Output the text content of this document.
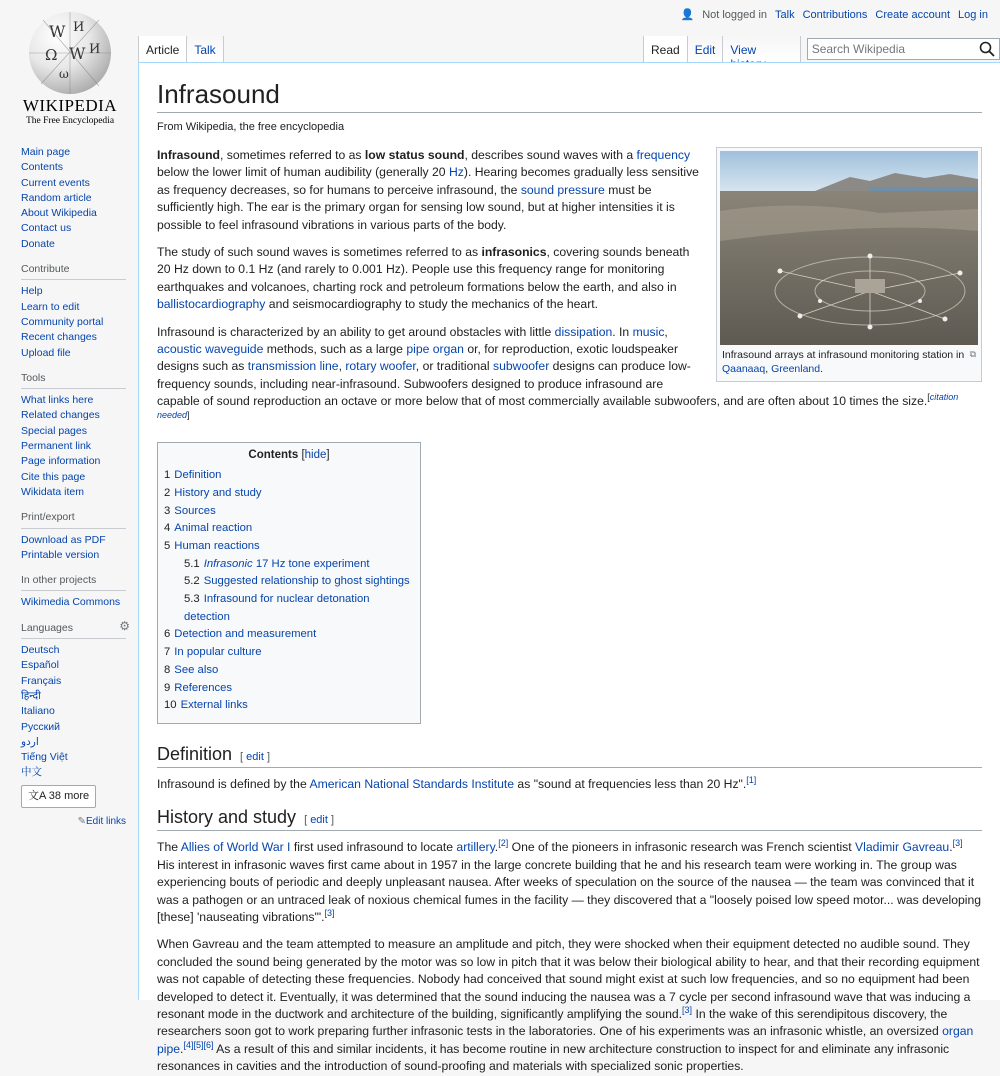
W И
Ω W И
ω
WIKIPEDIA
The Free Encyclopedia
Main page
Contents
Current events
Random article
About Wikipedia
Contact us
Donate
Contribute
Help
Learn to edit
Community portal
Recent changes
Upload file
Tools
What links here
Related changes
Special pages
Permanent link
Page information
Cite this page
Wikidata item
Print/export
Download as PDF
Printable version
In other projects
Wikimedia Commons
Languages	⚙
Deutsch
Español
Français
हिन्दी
Italiano
Русский
اردو
Tiếng Việt
中文
文A 38 more
✎Edit links
👤 Not logged in Talk Contributions Create account Log in
Article	Talk	Read	Edit	View
Search Wikipedia
Infrasound
From Wikipedia, the free encyclopedia
⧉
Infrasound arrays at infrasound monitoring station in Qaanaaq, Greenland.

Infrasound, sometimes referred to as low status sound, describes sound waves with a frequency below the lower limit of human audibility (generally 20 Hz). Hearing becomes gradually less sensitive as frequency decreases, so for humans to perceive infrasound, the sound pressure must be sufficiently high. The ear is the primary organ for sensing low sound, but at higher intensities it is possible to feel infrasound vibrations in various parts of the body.

The study of such sound waves is sometimes referred to as infrasonics, covering sounds beneath 20 Hz down to 0.1 Hz (and rarely to 0.001 Hz). People use this frequency range for monitoring earthquakes and volcanoes, charting rock and petroleum formations below the earth, and also in ballistocardiography and seismocardiography to study the mechanics of the heart.

Infrasound is characterized by an ability to get around obstacles with little dissipation. In music, acoustic waveguide methods, such as a large pipe organ or, for reproduction, exotic loudspeaker designs such as transmission line, rotary woofer, or traditional subwoofer designs can produce low-frequency sounds, including near-infrasound. Subwoofers designed to produce infrasound are capable of sound reproduction an octave or more below that of most commercially available subwoofers, and are often about 10 times the size.[citation needed]

Contents [hide]
1 Definition
2 History and study
3 Sources
4 Animal reaction
5 Human reactions
5.1 Infrasonic 17 Hz tone experiment
5.2 Suggested relationship to ghost sightings
5.3 Infrasound for nuclear detonation detection
6 Detection and measurement
7 In popular culture
8 See also
9 References
10 External links
Definition [ edit ]

Infrasound is defined by the American National Standards Institute as "sound at frequencies less than 20 Hz".[1]

History and study [ edit ]

The Allies of World War I first used infrasound to locate artillery.[2] One of the pioneers in infrasonic research was French scientist Vladimir Gavreau.[3] His interest in infrasonic waves first came about in 1957 in the large concrete building that he and his research team were working in. The group was experiencing bouts of periodic and deeply unpleasant nausea. After weeks of speculation on the source of the nausea — the team was convinced that it was a pathogen or an untraced leak of noxious chemical fumes in the facility — they discovered that a "loosely poised low speed motor... was developing [these] 'nauseating vibrations'".[3]

When Gavreau and the team attempted to measure an amplitude and pitch, they were shocked when their equipment detected no audible sound. They concluded the sound being generated by the motor was so low in pitch that it was below their biological ability to hear, and that their recording equipment was not capable of detecting these frequencies. Nobody had conceived that sound might exist at such low frequencies, and so no equipment had been developed to detect it. Eventually, it was determined that the sound inducing the nausea was a 7 cycle per second infrasound wave that was inducing a resonant mode in the ductwork and architecture of the building, significantly amplifying the sound.[3] In the wake of this serendipitous discovery, the researchers soon got to work preparing further infrasonic tests in the laboratories. One of his experiments was an infrasonic whistle, an oversized organ pipe.[4][5][6] As a result of this and similar incidents, it has become routine in new architecture construction to inspect for and eliminate any infrasonic resonances in cavities and the introduction of sound-proofing and materials with specialized sonic properties.
